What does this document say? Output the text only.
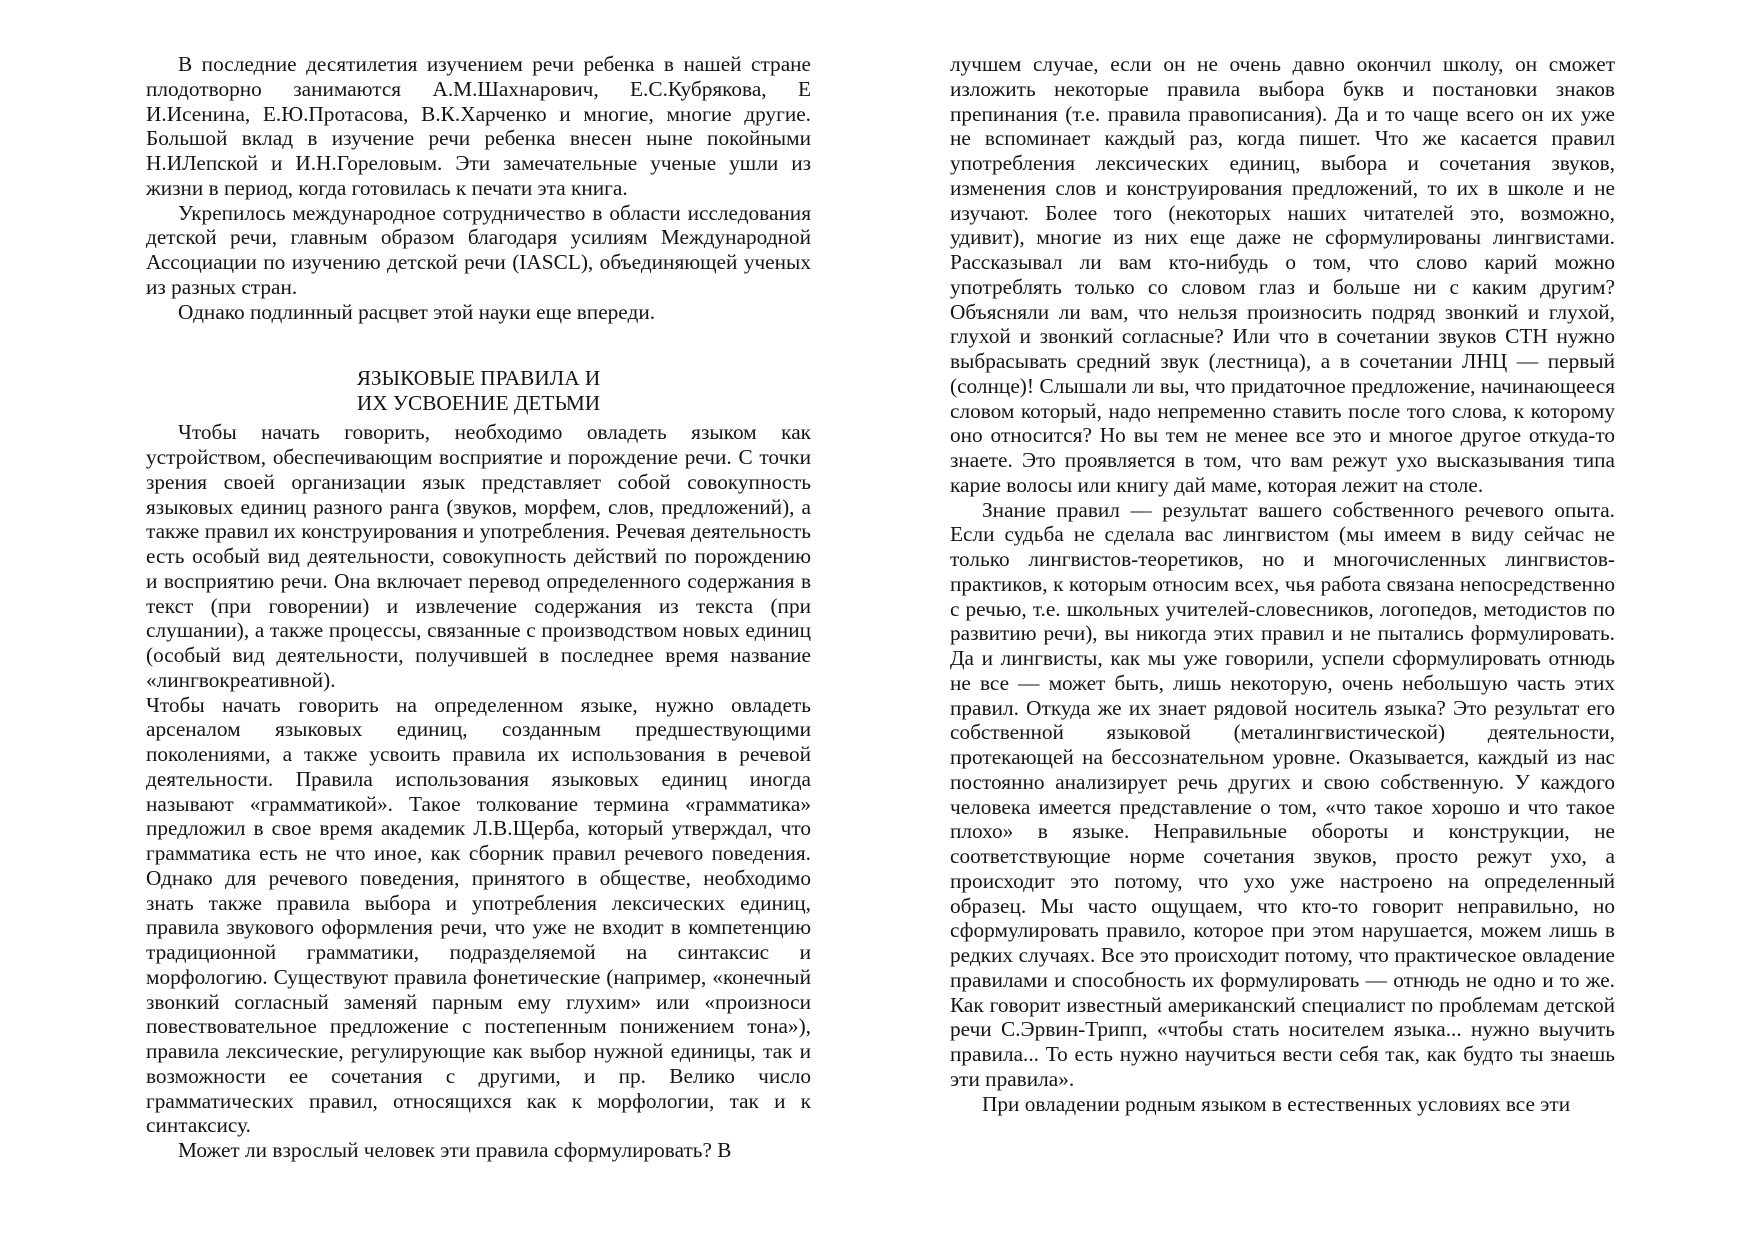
В последние десятилетия изучением речи ребенка в нашей стране плодотворно занимаются А.М.Шахнарович, Е.С.Кубрякова, Е И.Исенина, Е.Ю.Протасова, В.К.Харченко и многие, многие другие. Большой вклад в изучение речи ребенка внесен ныне покойными Н.ИЛепской и И.Н.Гореловым. Эти замечательные ученые ушли из жизни в период, когда готовилась к печати эта книга.

Укрепилось международное сотрудничество в области исследования детской речи, главным образом благодаря усилиям Международной Ассоциации по изучению детской речи (IASCL), объединяющей ученых из разных стран.

Однако подлинный расцвет этой науки еще впереди.

ЯЗЫКОВЫЕ ПРАВИЛА И
ИХ УСВОЕНИЕ ДЕТЬМИ

Чтобы начать говорить, необходимо овладеть языком как устройством, обеспечивающим восприятие и порождение речи. С точки зрения своей организации язык представляет собой совокупность языковых единиц разного ранга (звуков, морфем, слов, предложений), а также правил их конструирования и употребления. Речевая деятельность есть особый вид деятельности, совокупность действий по порождению и восприятию речи. Она включает перевод определенного содержания в текст (при говорении) и извлечение содержания из текста (при слушании), а также процессы, связанные с производством новых единиц (особый вид деятельности, получившей в последнее время название «лингвокреативной).

Чтобы начать говорить на определенном языке, нужно овладеть арсеналом языковых единиц, созданным предшествующими поколениями, а также усвоить правила их использования в речевой деятельности. Правила использования языковых единиц иногда называют «грамматикой». Такое толкование термина «грамматика» предложил в свое время академик Л.В.Щерба, который утверждал, что грамматика есть не что иное, как сборник правил речевого поведения. Однако для речевого поведения, принятого в обществе, необходимо знать также правила выбора и употребления лексических единиц, правила звукового оформления речи, что уже не входит в компетенцию традиционной грамматики, подразделяемой на синтаксис и морфологию. Существуют правила фонетические (например, «конечный звонкий согласный заменяй парным ему глухим» или «произноси повествовательное предложение с постепенным понижением тона»), правила лексические, регулирующие как выбор нужной единицы, так и возможности ее сочетания с другими, и пр. Велико число грамматических правил, относящихся как к морфологии, так и к синтаксису.

Может ли взрослый человек эти правила сформулировать? В

лучшем случае, если он не очень давно окончил школу, он сможет изложить некоторые правила выбора букв и постановки знаков препинания (т.е. правила правописания). Да и то чаще всего он их уже не вспоминает каждый раз, когда пишет. Что же касается правил употребления лексических единиц, выбора и сочетания звуков, изменения слов и конструирования предложений, то их в школе и не изучают. Более того (некоторых наших читателей это, возможно, удивит), многие из них еще даже не сформулированы лингвистами. Рассказывал ли вам кто-нибудь о том, что слово карий можно употреблять только со словом глаз и больше ни с каким другим? Объясняли ли вам, что нельзя произносить подряд звонкий и глухой, глухой и звонкий согласные? Или что в сочетании звуков СТН нужно выбрасывать средний звук (лестница), а в сочетании ЛНЦ — первый (солнце)! Слышали ли вы, что придаточное предложение, начинающееся словом который, надо непременно ставить после того слова, к которому оно относится? Но вы тем не менее все это и многое другое откуда-то знаете. Это проявляется в том, что вам режут ухо высказывания типа карие волосы или книгу дай маме, которая лежит на столе.

Знание правил — результат вашего собственного речевого опыта. Если судьба не сделала вас лингвистом (мы имеем в виду сейчас не только лингвистов-теоретиков, но и многочисленных лингвистов-практиков, к которым относим всех, чья работа связана непосредственно с речью, т.е. школьных учителей-словесников, логопедов, методистов по развитию речи), вы никогда этих правил и не пытались формулировать. Да и лингвисты, как мы уже говорили, успели сформулировать отнюдь не все — может быть, лишь некоторую, очень небольшую часть этих правил. Откуда же их знает рядовой носитель языка? Это результат его собственной языковой (металингвистической) деятельности, протекающей на бессознательном уровне. Оказывается, каждый из нас постоянно анализирует речь других и свою собственную. У каждого человека имеется представление о том, «что такое хорошо и что такое плохо» в языке. Неправильные обороты и конструкции, не соответствующие норме сочетания звуков, просто режут ухо, а происходит это потому, что ухо уже настроено на определенный образец. Мы часто ощущаем, что кто-то говорит неправильно, но сформулировать правило, которое при этом нарушается, можем лишь в редких случаях. Все это происходит потому, что практическое овладение правилами и способность их формулировать — отнюдь не одно и то же. Как говорит известный американский специалист по проблемам детской речи С.Эрвин-Трипп, «чтобы стать носителем языка... нужно выучить правила... То есть нужно научиться вести себя так, как будто ты знаешь эти правила».

При овладении родным языком в естественных условиях все эти
